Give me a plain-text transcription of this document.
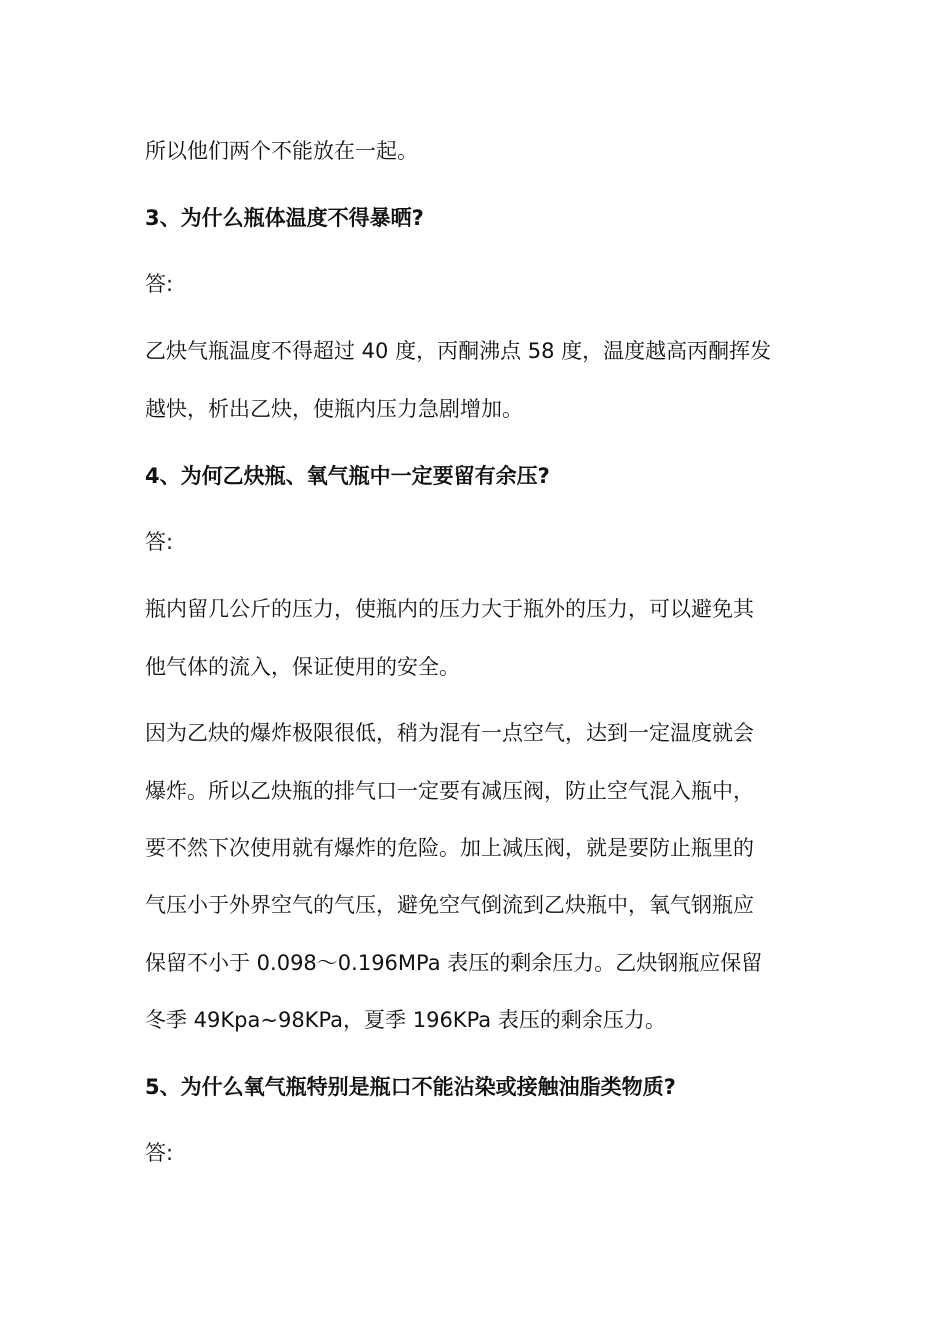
所以他们两个不能放在一起。

3、为什么瓶体温度不得暴晒?

答:

乙炔气瓶温度不得超过 40 度，丙酮沸点 58 度，温度越高丙酮挥发

越快，析出乙炔，使瓶内压力急剧增加。

4、为何乙炔瓶、氧气瓶中一定要留有余压?

答:

瓶内留几公斤的压力，使瓶内的压力大于瓶外的压力，可以避免其

他气体的流入，保证使用的安全。

因为乙炔的爆炸极限很低，稍为混有一点空气，达到一定温度就会

爆炸。所以乙炔瓶的排气口一定要有减压阀，防止空气混入瓶中，

要不然下次使用就有爆炸的危险。加上减压阀，就是要防止瓶里的

气压小于外界空气的气压，避免空气倒流到乙炔瓶中，氧气钢瓶应

保留不小于 0.098～0.196MPa 表压的剩余压力。乙炔钢瓶应保留

冬季 49Kpa~98KPa，夏季 196KPa 表压的剩余压力。

5、为什么氧气瓶特别是瓶口不能沾染或接触油脂类物质?

答:
